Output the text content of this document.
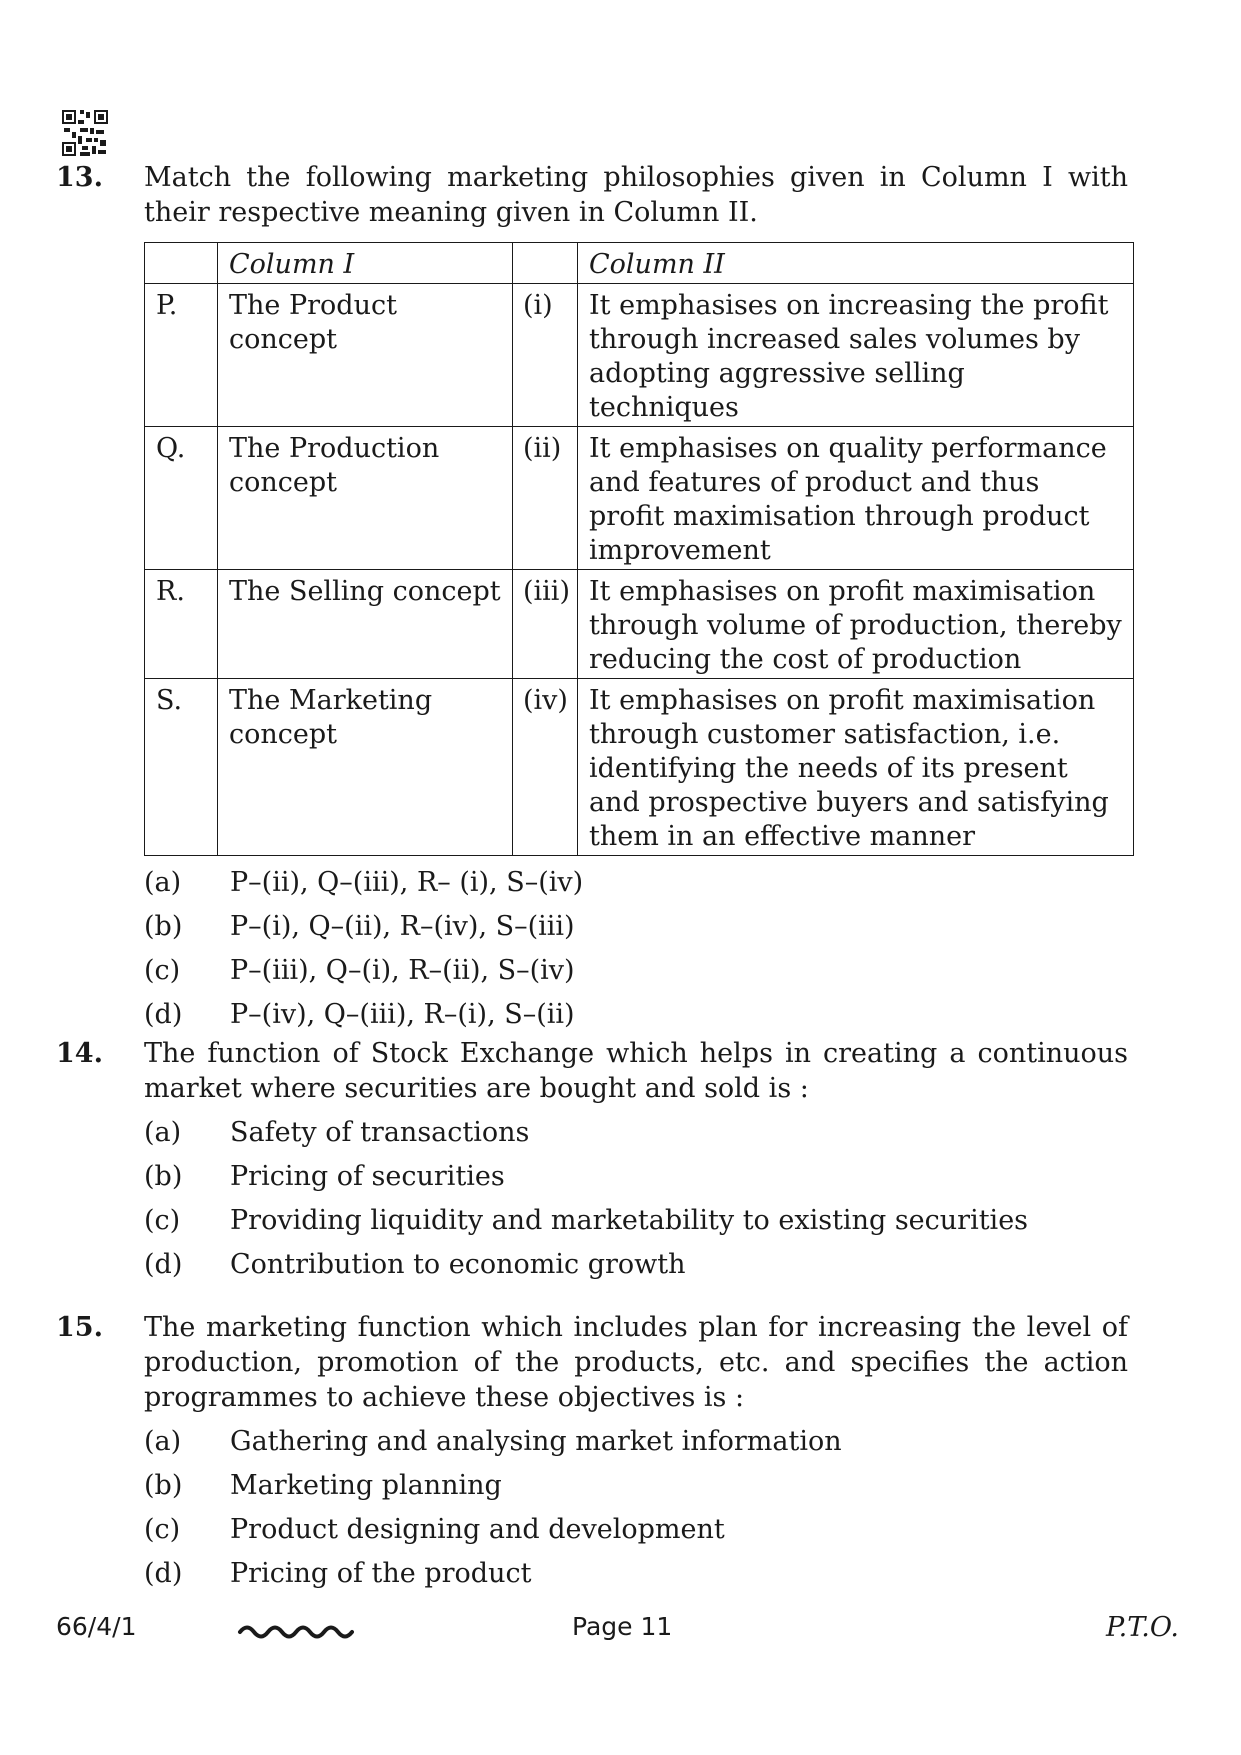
13. Match the following marketing philosophies given in Column I with their respective meaning given in Column II.
	Column I		Column II
P.	The Product concept	(i)	It emphasises on increasing the profit through increased sales volumes by adopting aggressive selling techniques
Q.	The Production concept	(ii)	It emphasises on quality performance and features of product and thus profit maximisation through product improvement
R.	The Selling concept	(iii)	It emphasises on profit maximisation through volume of production, thereby reducing the cost of production
S.	The Marketing concept	(iv)	It emphasises on profit maximisation through customer satisfaction, i.e. identifying the needs of its present and prospective buyers and satisfying them in an effective manner
(a)	P–(ii), Q–(iii), R– (i), S–(iv)
(b)	P–(i), Q–(ii), R–(iv), S–(iii)
(c)	P–(iii), Q–(i), R–(ii), S–(iv)
(d)	P–(iv), Q–(iii), R–(i), S–(ii)
14. The function of Stock Exchange which helps in creating a continuous market where securities are bought and sold is :
(a)	Safety of transactions
(b)	Pricing of securities
(c)	Providing liquidity and marketability to existing securities
(d)	Contribution to economic growth
15. The marketing function which includes plan for increasing the level of production, promotion of the products, etc. and specifies the action programmes to achieve these objectives is :
(a)	Gathering and analysing market information
(b)	Marketing planning
(c)	Product designing and development
(d)	Pricing of the product
66/4/1	Page 11	P.T.O.
